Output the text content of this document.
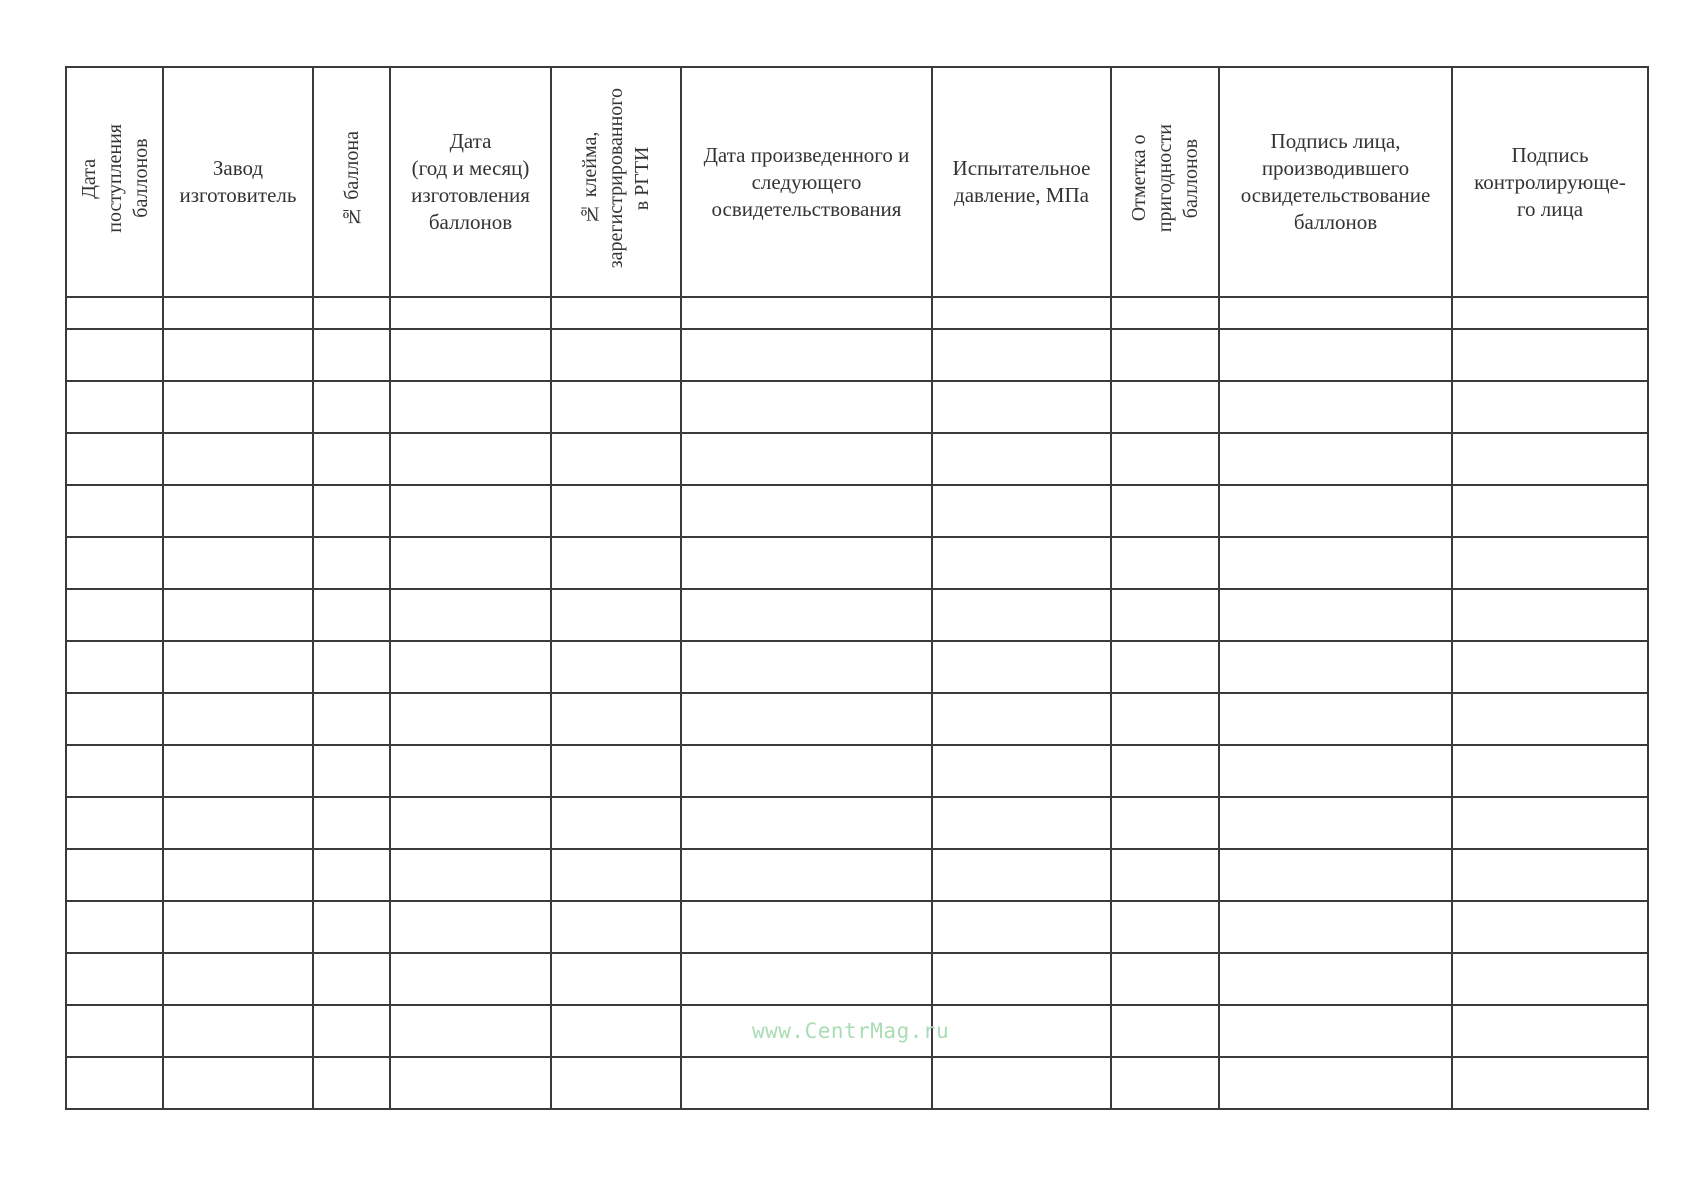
Дата
поступления
баллонов	Завод
изготовитель	№ баллона	Дата
(год и месяц)
изготовления
баллонов	№ клейма,
зарегистрированного
в РГТИ	Дата произведенного и
следующего
освидетельствования	Испытательное
давление, МПа	Отметка о
пригодности
баллонов	Подпись лица,
производившего
освидетельствование
баллонов	Подпись
контролирующе-
го лица

www.CentrMag.ru
